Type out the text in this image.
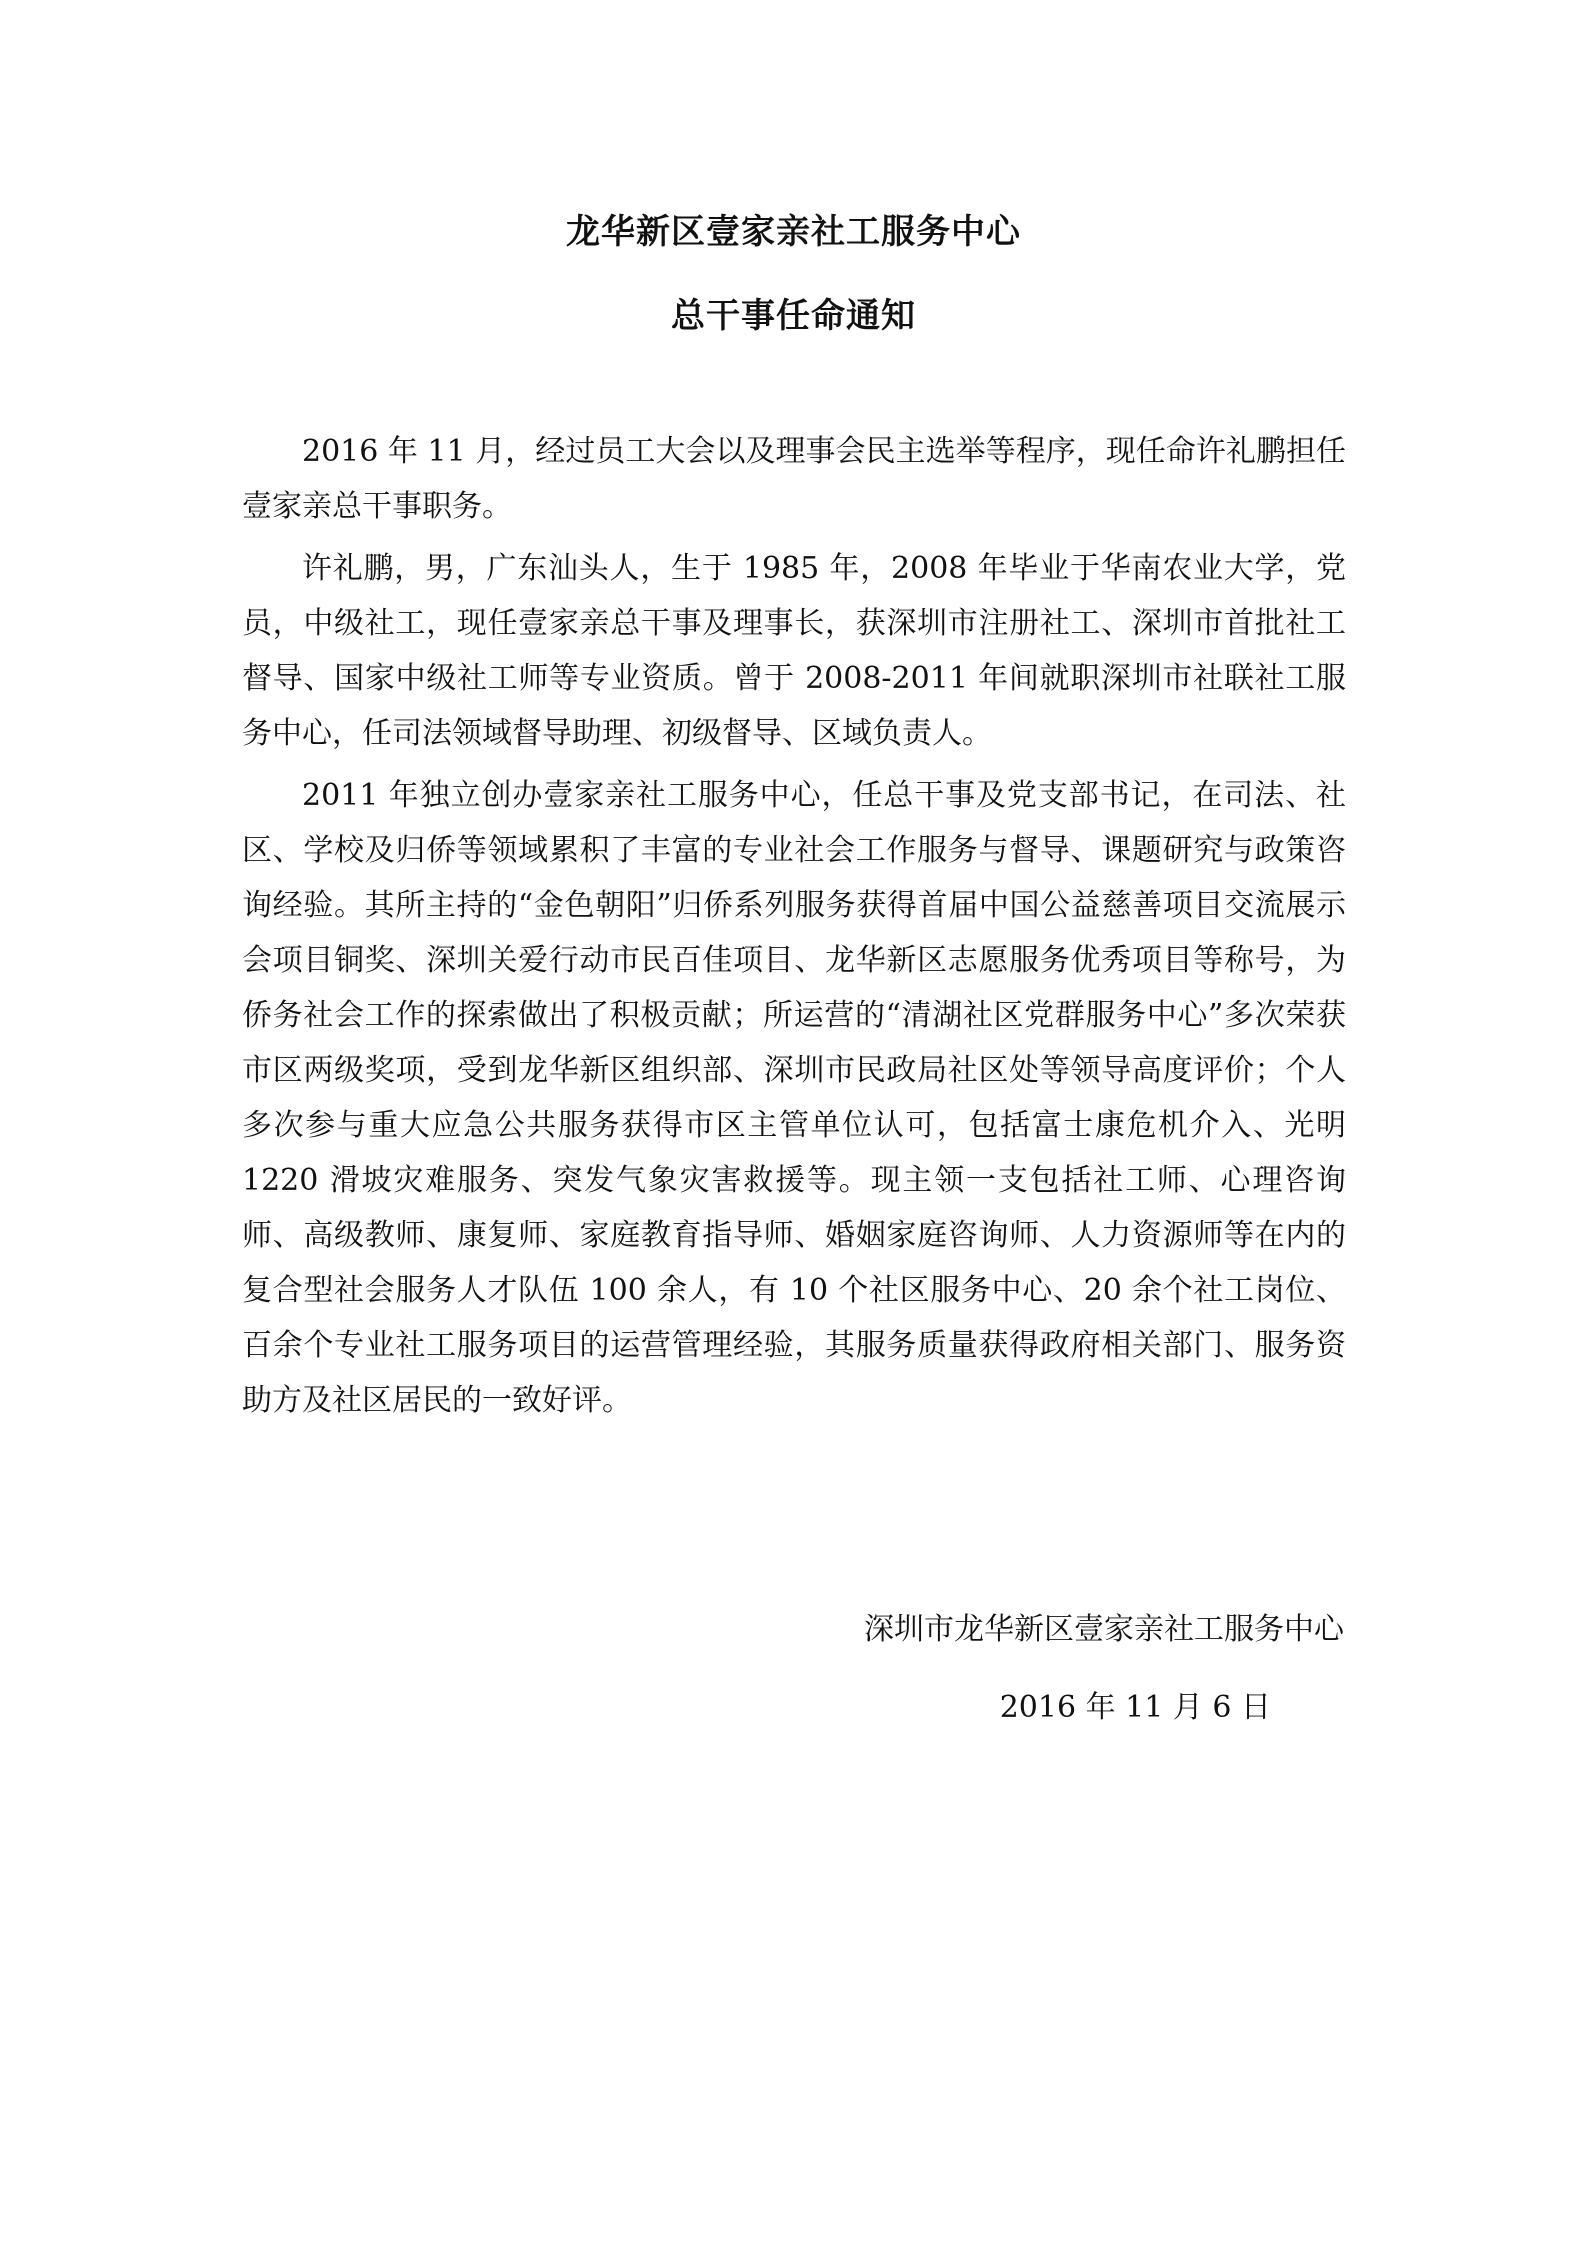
龙华新区壹家亲社工服务中心
总干事任命通知

2016 年 11 月，经过员工大会以及理事会民主选举等程序，现任命许礼鹏担任壹家亲总干事职务。

许礼鹏，男，广东汕头人，生于 1985 年，2008 年毕业于华南农业大学，党员，中级社工，现任壹家亲总干事及理事长，获深圳市注册社工、深圳市首批社工督导、国家中级社工师等专业资质。曾于 2008-2011 年间就职深圳市社联社工服务中心，任司法领域督导助理、初级督导、区域负责人。

2011 年独立创办壹家亲社工服务中心，任总干事及党支部书记，在司法、社区、学校及归侨等领域累积了丰富的专业社会工作服务与督导、课题研究与政策咨询经验。其所主持的“金色朝阳”归侨系列服务获得首届中国公益慈善项目交流展示会项目铜奖、深圳关爱行动市民百佳项目、龙华新区志愿服务优秀项目等称号，为侨务社会工作的探索做出了积极贡献；所运营的“清湖社区党群服务中心”多次荣获市区两级奖项，受到龙华新区组织部、深圳市民政局社区处等领导高度评价；个人多次参与重大应急公共服务获得市区主管单位认可，包括富士康危机介入、光明 1220 滑坡灾难服务、突发气象灾害救援等。现主领一支包括社工师、心理咨询师、高级教师、康复师、家庭教育指导师、婚姻家庭咨询师、人力资源师等在内的复合型社会服务人才队伍 100 余人，有 10 个社区服务中心、20 余个社工岗位、百余个专业社工服务项目的运营管理经验，其服务质量获得政府相关部门、服务资助方及社区居民的一致好评。

深圳市龙华新区壹家亲社工服务中心
2016 年 11 月 6 日
